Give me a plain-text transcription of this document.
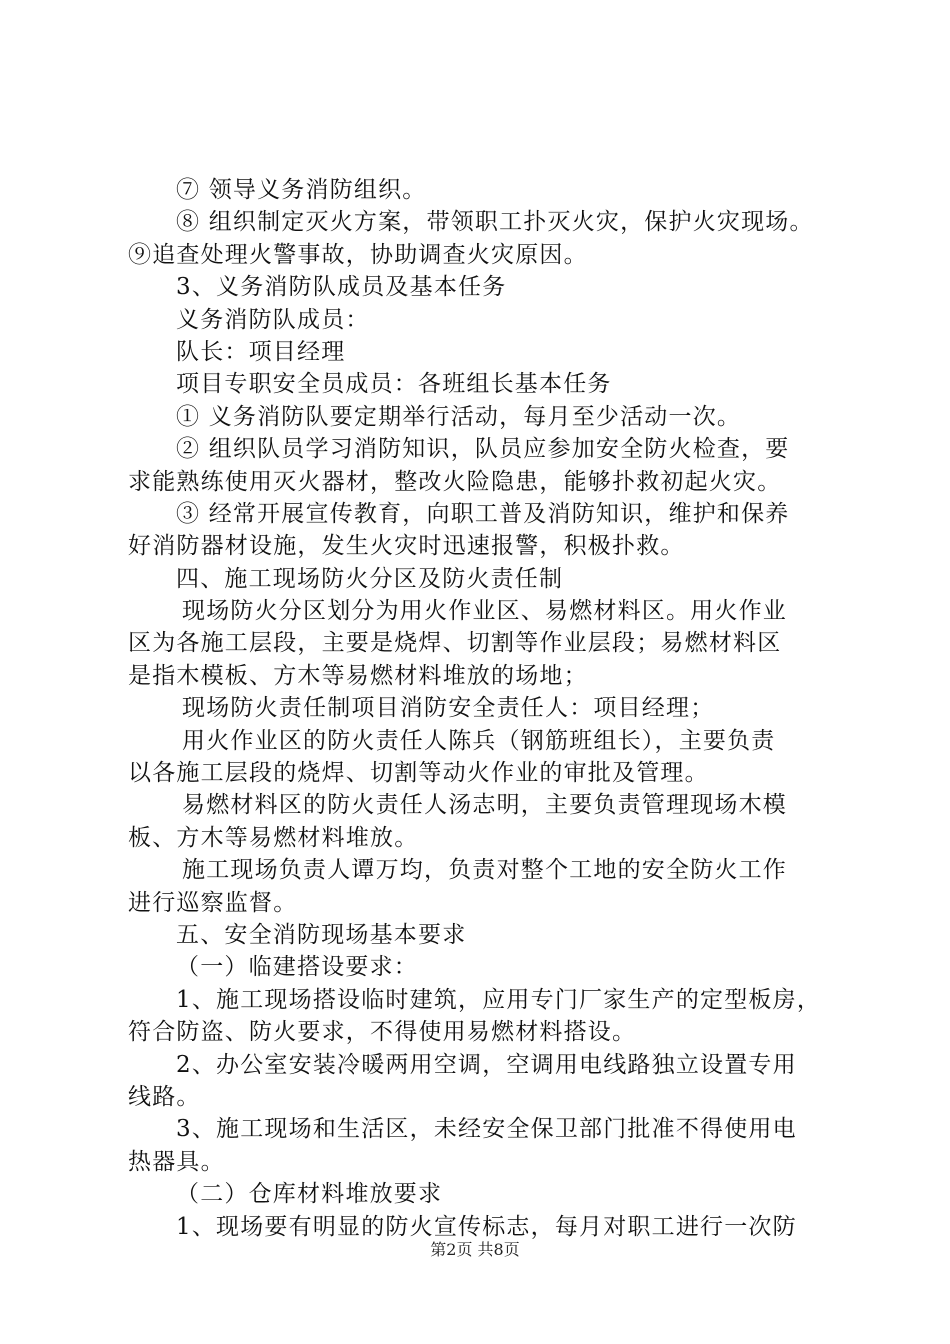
⑦ 领导义务消防组织。
⑧ 组织制定灭火方案，带领职工扑灭火灾，保护火灾现场。
⑨追查处理火警事故，协助调查火灾原因。
3、义务消防队成员及基本任务
义务消防队成员：
队长：项目经理
项目专职安全员成员：各班组长基本任务
① 义务消防队要定期举行活动，每月至少活动一次。
② 组织队员学习消防知识，队员应参加安全防火检查，要
求能熟练使用灭火器材，整改火险隐患，能够扑救初起火灾。
③ 经常开展宣传教育，向职工普及消防知识，维护和保养
好消防器材设施，发生火灾时迅速报警，积极扑救。
四、施工现场防火分区及防火责任制
现场防火分区划分为用火作业区、易燃材料区。用火作业
区为各施工层段，主要是烧焊、切割等作业层段；易燃材料区
是指木模板、方木等易燃材料堆放的场地；
现场防火责任制项目消防安全责任人：项目经理；
用火作业区的防火责任人陈兵（钢筋班组长），主要负责
以各施工层段的烧焊、切割等动火作业的审批及管理。
易燃材料区的防火责任人汤志明，主要负责管理现场木模
板、方木等易燃材料堆放。
施工现场负责人谭万均，负责对整个工地的安全防火工作
进行巡察监督。
五、安全消防现场基本要求
（一）临建搭设要求：
1、施工现场搭设临时建筑，应用专门厂家生产的定型板房，
符合防盗、防火要求，不得使用易燃材料搭设。
2、办公室安装冷暖两用空调，空调用电线路独立设置专用
线路。
3、施工现场和生活区，未经安全保卫部门批准不得使用电
热器具。
（二）仓库材料堆放要求
1、现场要有明显的防火宣传标志，每月对职工进行一次防
第2页 共8页
